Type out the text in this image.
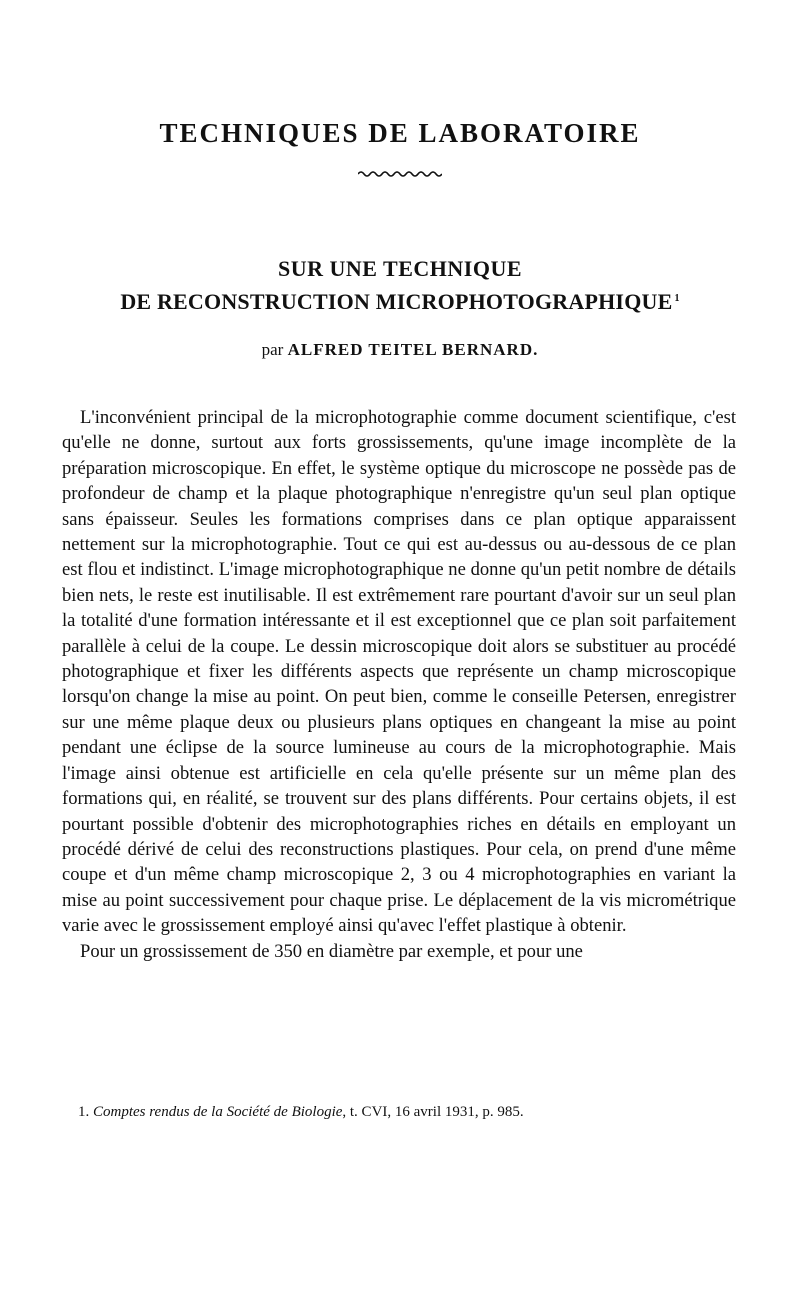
TECHNIQUES DE LABORATOIRE
SUR UNE TECHNIQUE
DE RECONSTRUCTION MICROPHOTOGRAPHIQUE $^1$

par ALFRED TEITEL BERNARD.

L'inconvénient principal de la microphotographie comme document scientifique, c'est qu'elle ne donne, surtout aux forts grossissements, qu'une image incomplète de la préparation microscopique. En effet, le système optique du microscope ne possède pas de profondeur de champ et la plaque photographique n'enregistre qu'un seul plan optique sans épaisseur. Seules les formations comprises dans ce plan optique apparaissent nettement sur la microphotographie. Tout ce qui est au-dessus ou au-dessous de ce plan est flou et indistinct. L'image microphotographique ne donne qu'un petit nombre de détails bien nets, le reste est inutilisable. Il est extrêmement rare pourtant d'avoir sur un seul plan la totalité d'une formation intéressante et il est exceptionnel que ce plan soit parfaitement parallèle à celui de la coupe. Le dessin microscopique doit alors se substituer au procédé photographique et fixer les différents aspects que représente un champ microscopique lorsqu'on change la mise au point. On peut bien, comme le conseille Petersen, enregistrer sur une même plaque deux ou plusieurs plans optiques en changeant la mise au point pendant une éclipse de la source lumineuse au cours de la microphotographie. Mais l'image ainsi obtenue est artificielle en cela qu'elle présente sur un même plan des formations qui, en réalité, se trouvent sur des plans différents. Pour certains objets, il est pourtant possible d'obtenir des microphotographies riches en détails en employant un procédé dérivé de celui des reconstructions plastiques. Pour cela, on prend d'une même coupe et d'un même champ microscopique 2, 3 ou 4 microphotographies en variant la mise au point successivement pour chaque prise. Le déplacement de la vis micrométrique varie avec le grossissement employé ainsi qu'avec l'effet plastique à obtenir.

Pour un grossissement de 350 en diamètre par exemple, et pour une

1. Comptes rendus de la Société de Biologie, t. CVI, 16 avril 1931, p. 985.
